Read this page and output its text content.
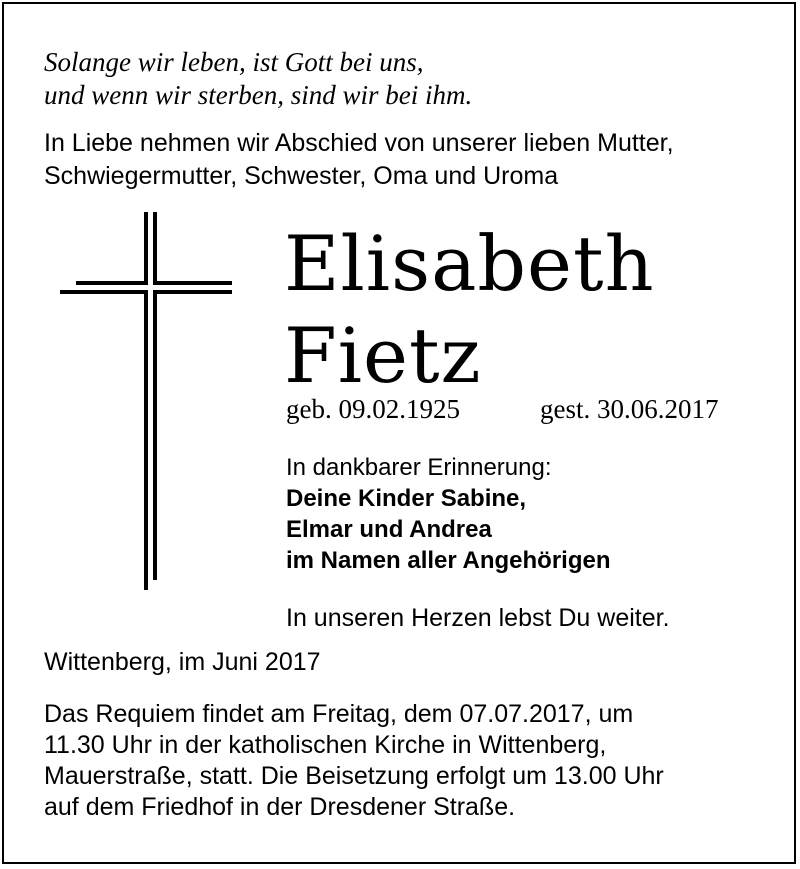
Solange wir leben, ist Gott bei uns,
und wenn wir sterben, sind wir bei ihm.
In Liebe nehmen wir Abschied von unserer lieben Mutter,
Schwiegermutter, Schwester, Oma und Uroma
Elisabeth
Fietz
geb. 09.02.1925	gest. 30.06.2017
In dankbarer Erinnerung:
Deine Kinder Sabine,
Elmar und Andrea
im Namen aller Angehörigen
In unseren Herzen lebst Du weiter.
Wittenberg, im Juni 2017
Das Requiem findet am Freitag, dem 07.07.2017, um
11.30 Uhr in der katholischen Kirche in Wittenberg,
Mauerstraße, statt. Die Beisetzung erfolgt um 13.00 Uhr
auf dem Friedhof in der Dresdener Straße.
